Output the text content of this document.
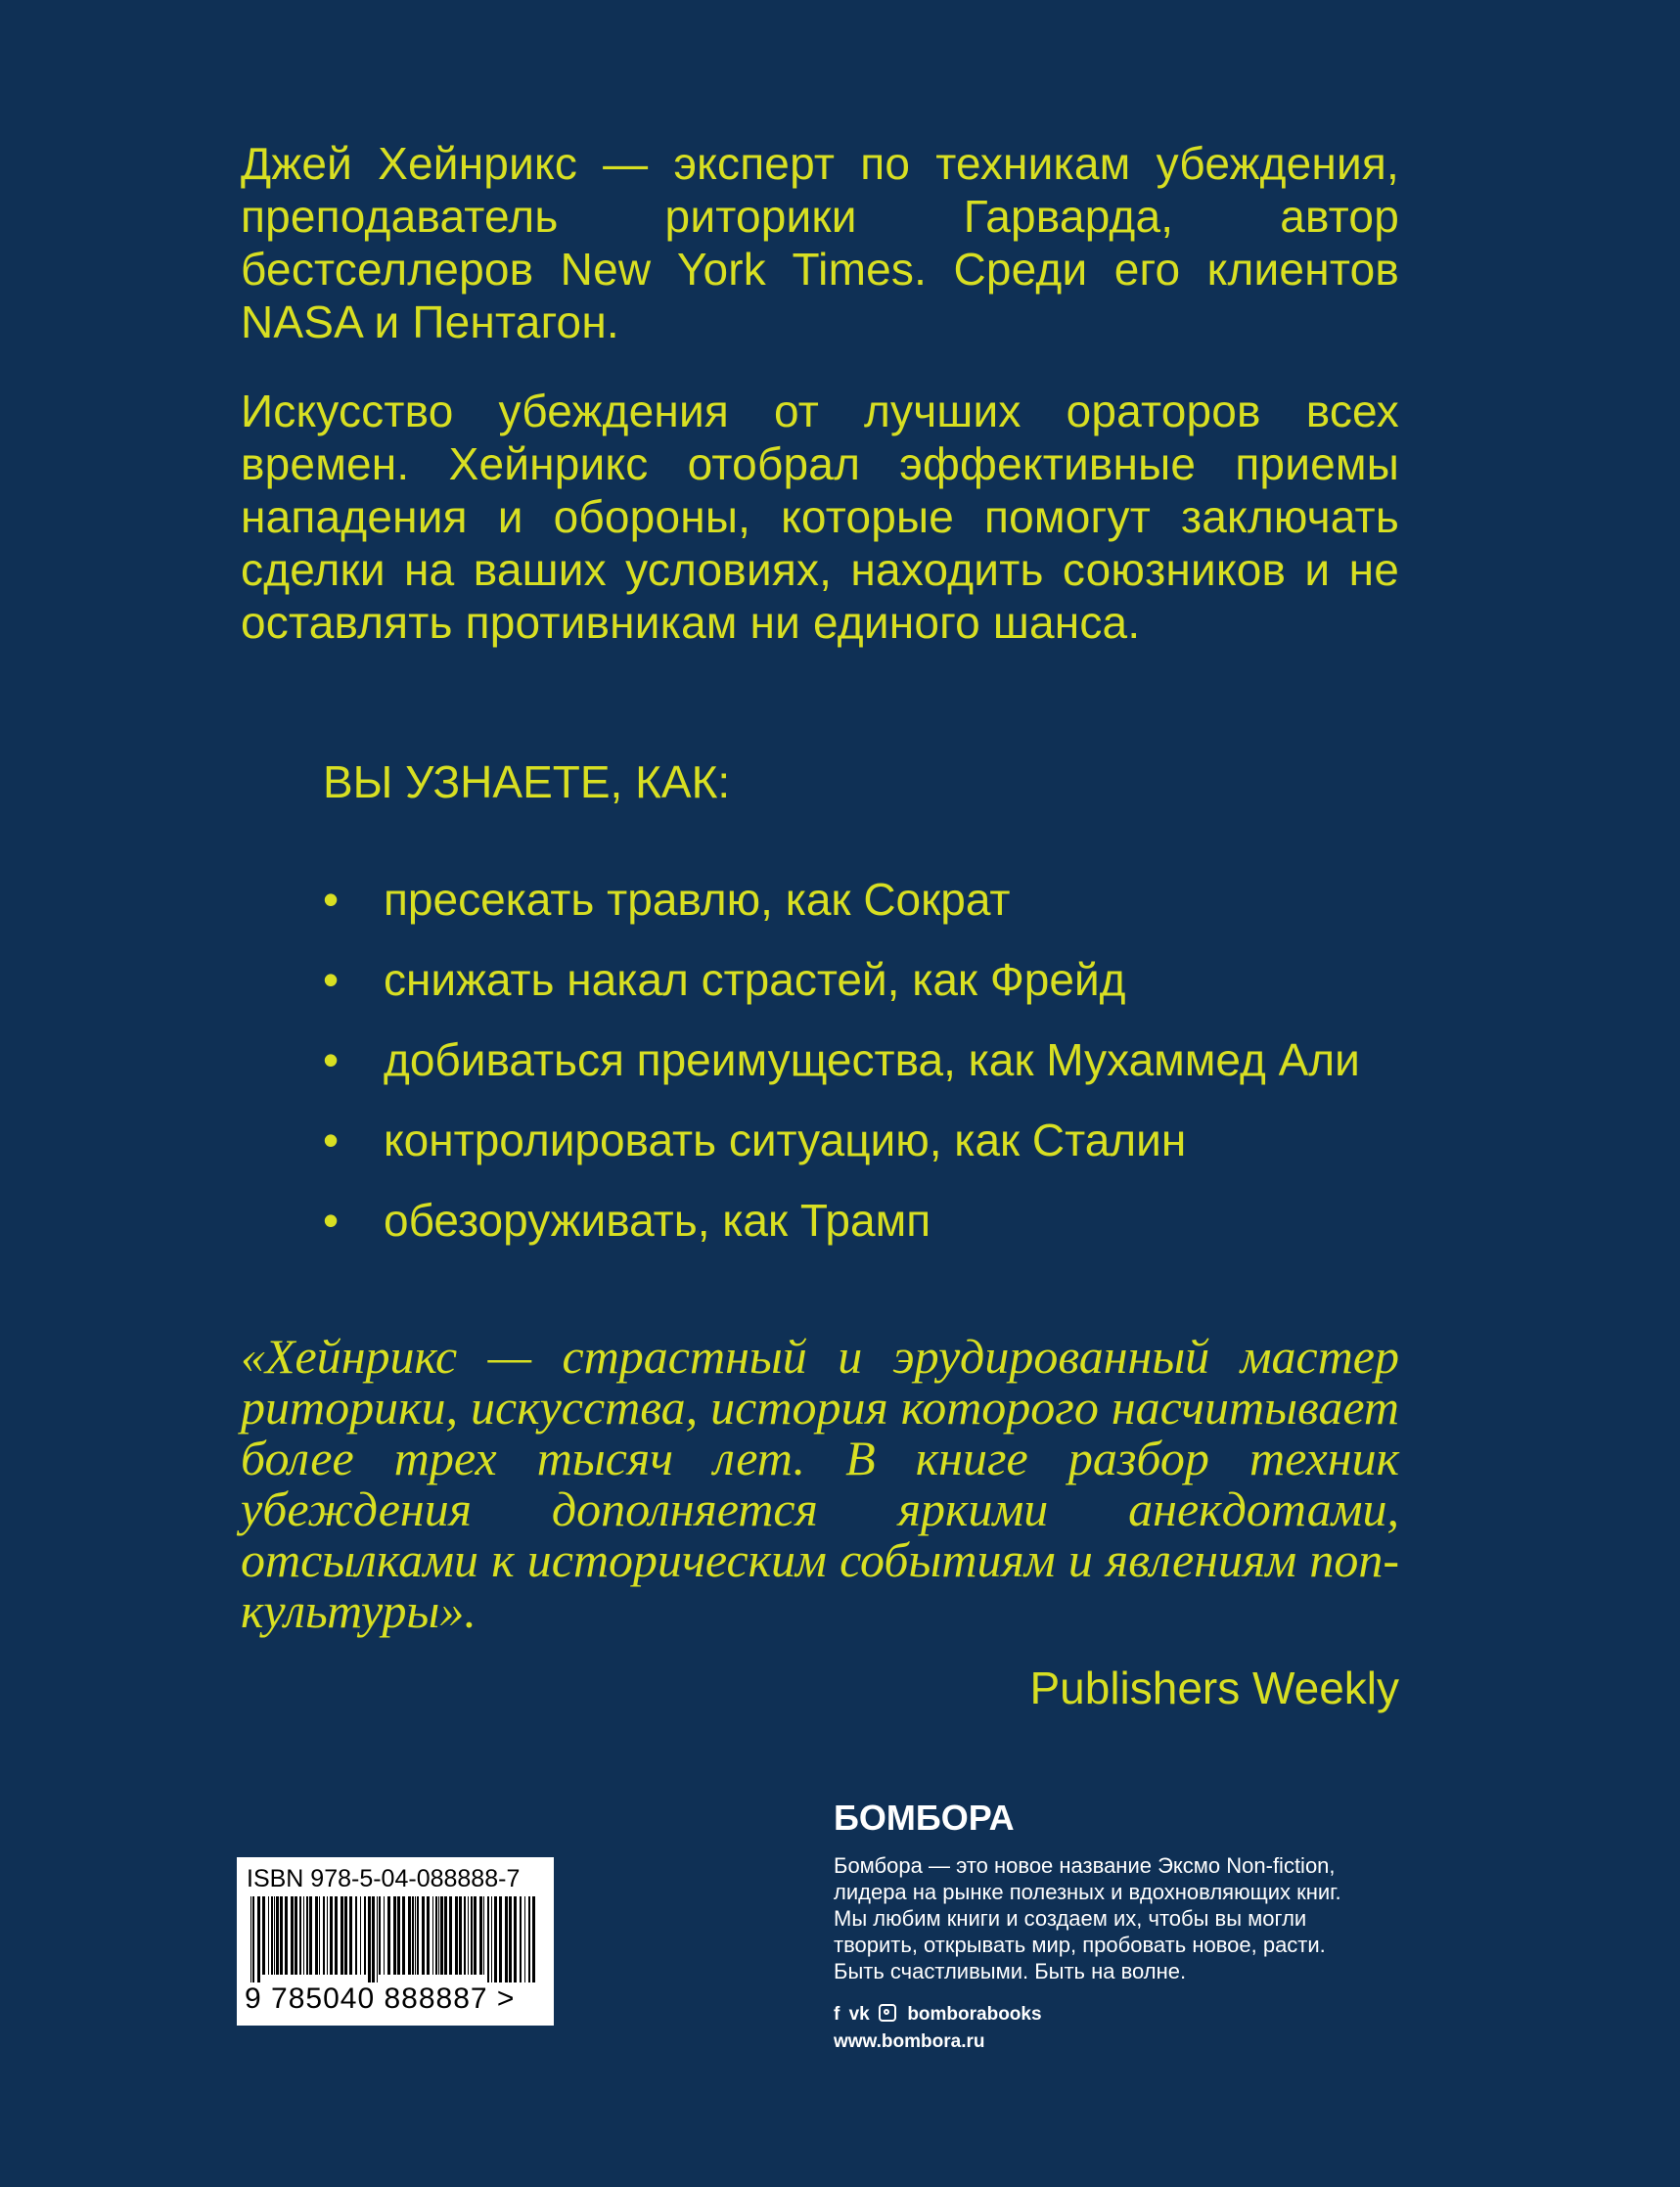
Джей Хейнрикс — эксперт по техникам убеждения, преподаватель риторики Гарварда, автор бестселлеров New York Times. Среди его клиентов NASA и Пентагон.
Искусство убеждения от лучших ораторов всех времен. Хейнрикс отобрал эффективные приемы нападения и обороны, которые помогут заключать сделки на ваших условиях, находить союзников и не оставлять противникам ни единого шанса.
ВЫ УЗНАЕТЕ, КАК:
• пресекать травлю, как Сократ
• снижать накал страстей, как Фрейд
• добиваться преимущества, как Мухаммед Али
• контролировать ситуацию, как Сталин
• обезоруживать, как Трамп
«Хейнрикс — страстный и эрудированный мастер риторики, искусства, история которого насчитывает более трех тысяч лет. В книге разбор техник убеждения дополняется яркими анекдотами, отсылками к историческим событиям и явлениям поп-культуры».
Publishers Weekly
ISBN 978-5-04-088888-7
9 785040 888887 >
БОМБОРА
Бомбора — это новое название Эксмо Non-fiction,
лидера на рынке полезных и вдохновляющих книг.
Мы любим книги и создаем их, чтобы вы могли
творить, открывать мир, пробовать новое, расти.
Быть счастливыми. Быть на волне.
f vk bomborabooks
www.bombora.ru
